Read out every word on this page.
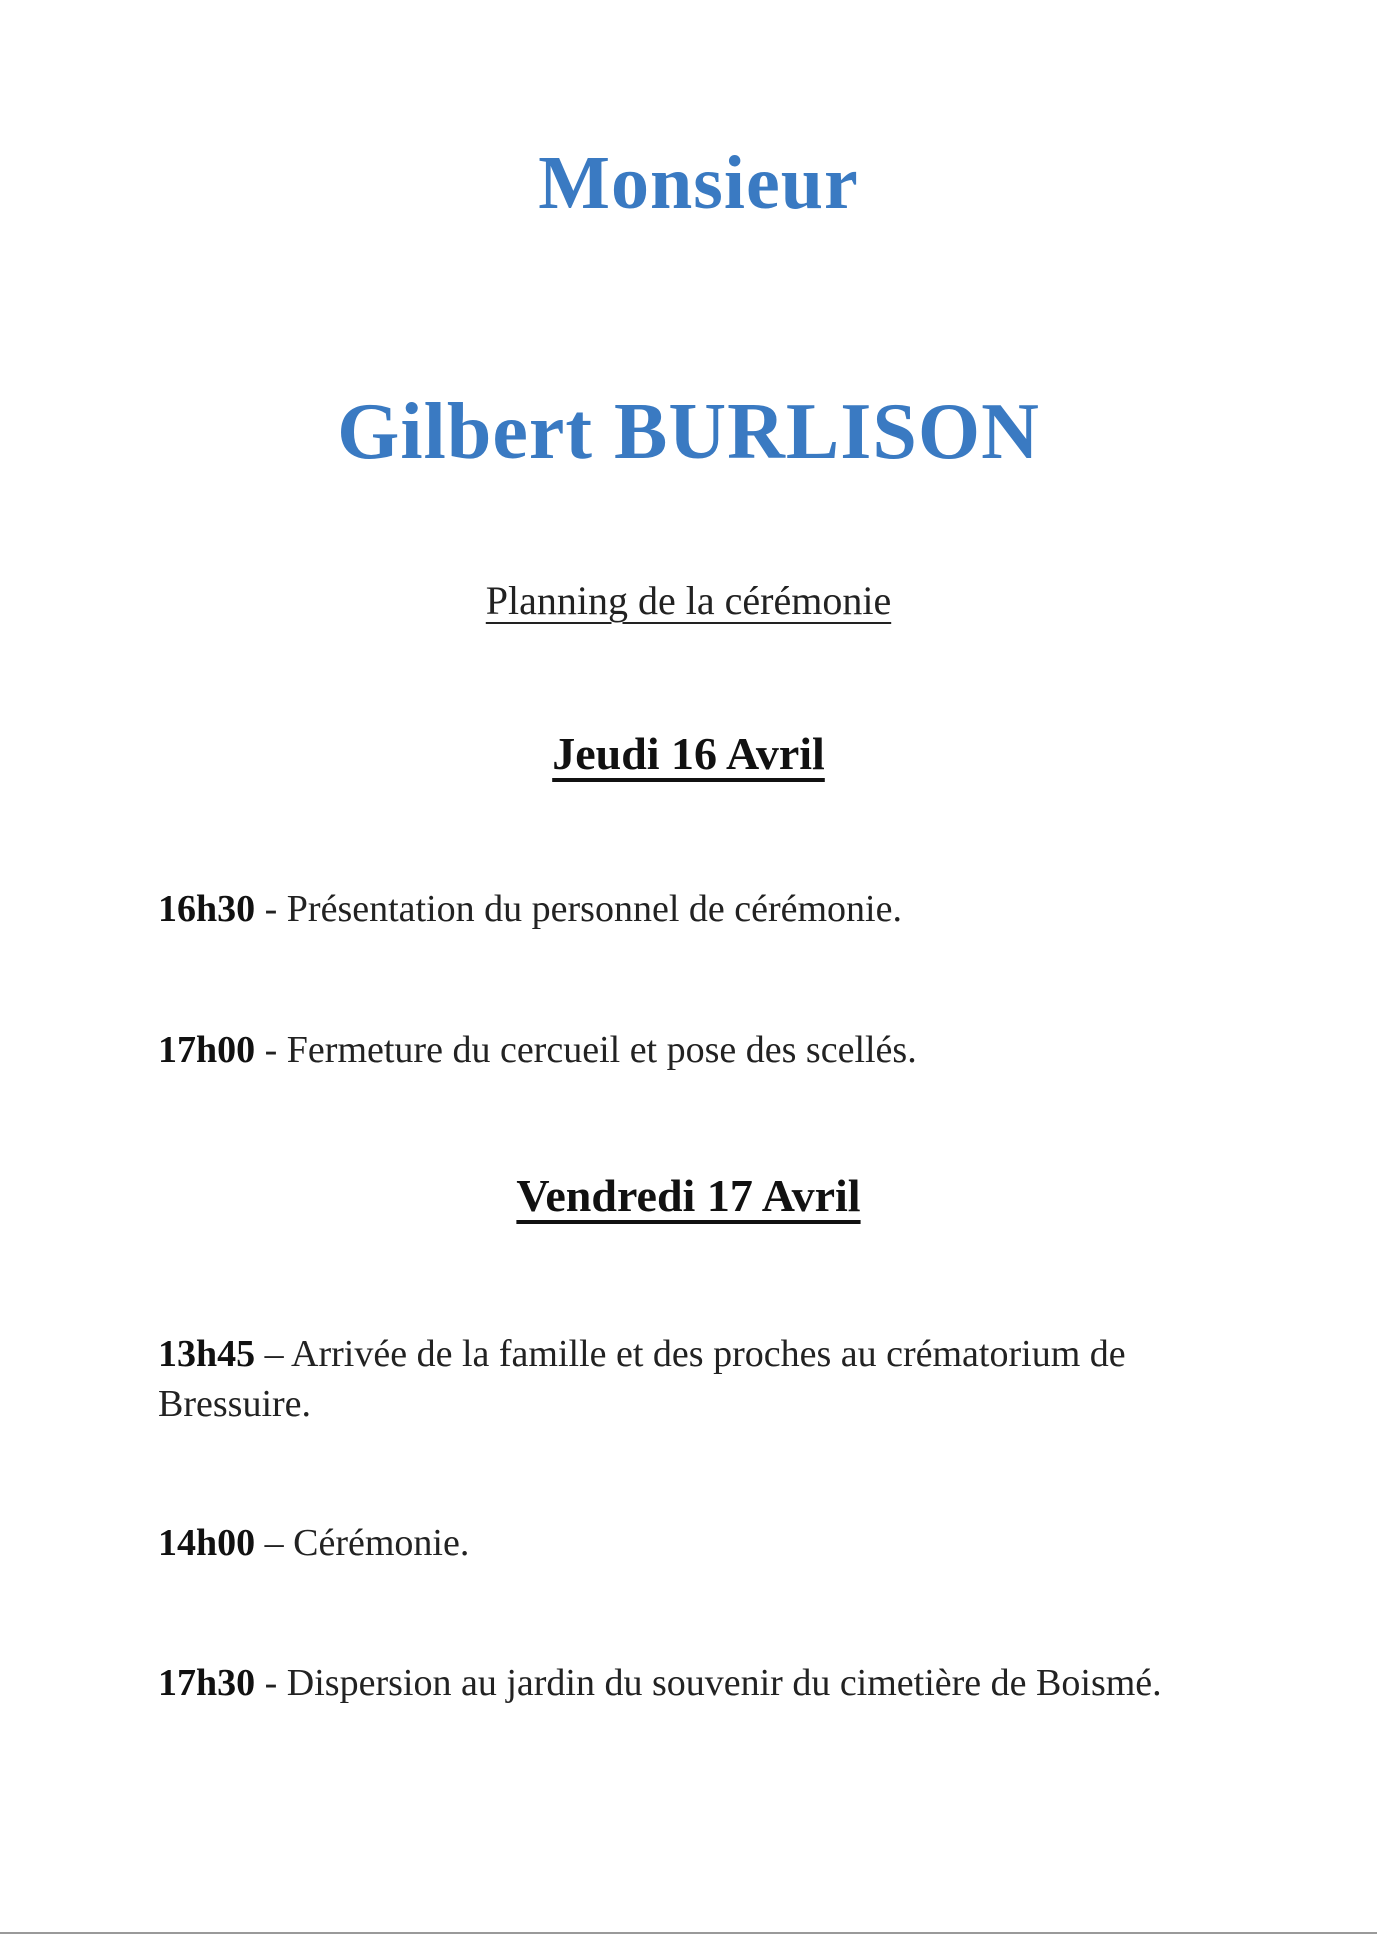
Monsieur
Gilbert BURLISON

Planning de la cérémonie

Jeudi 16 Avril

16h30 - Présentation du personnel de cérémonie.

17h00 - Fermeture du cercueil et pose des scellés.

Vendredi 17 Avril

13h45 – Arrivée de la famille et des proches au crématorium de Bressuire.

14h00 – Cérémonie.

17h30 - Dispersion au jardin du souvenir du cimetière de Boismé.
